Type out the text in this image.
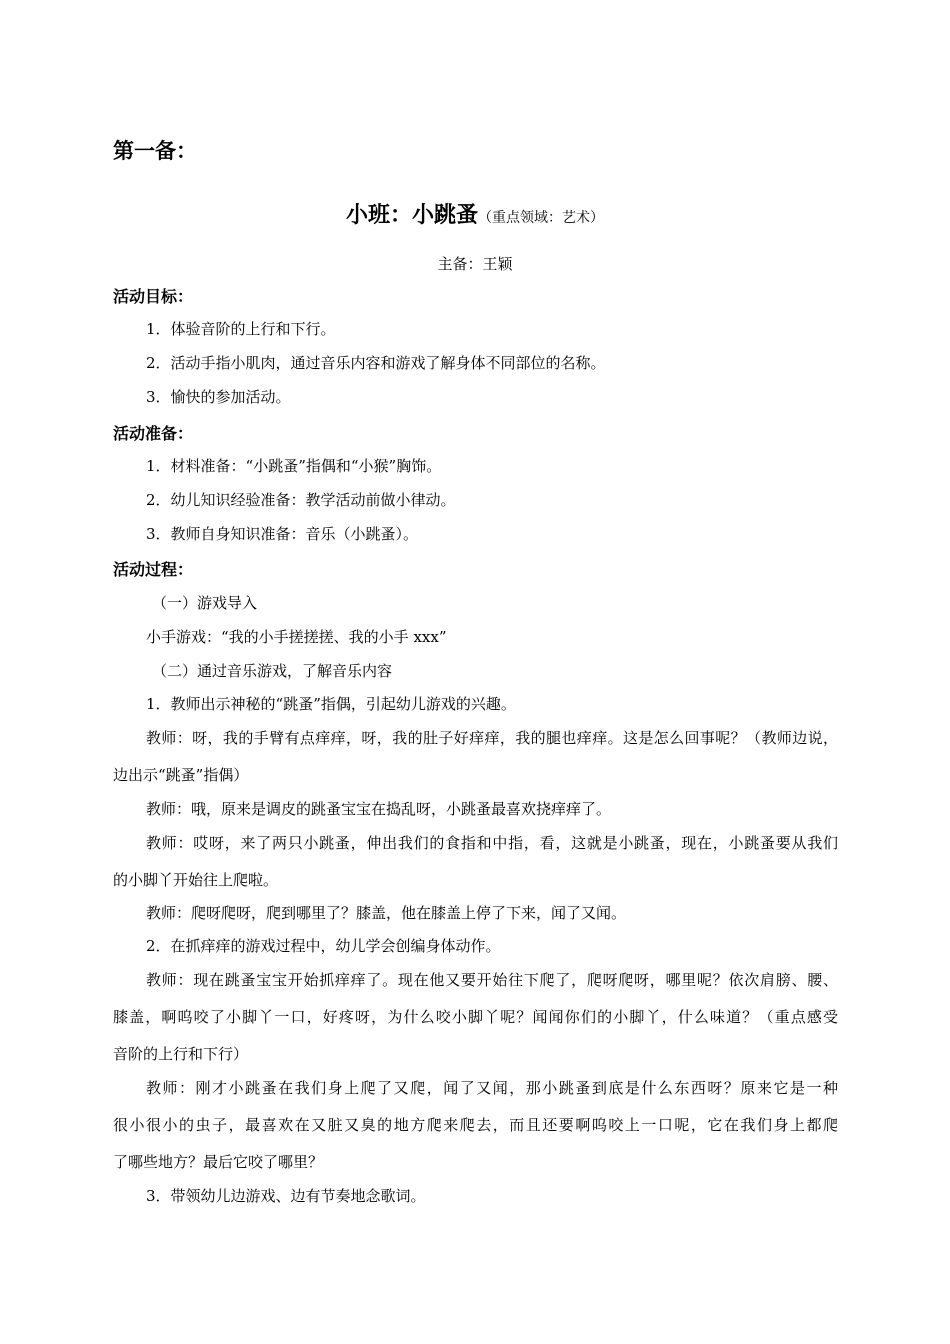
第一备：
小班：小跳蚤（重点领域：艺术）
主备：王颖
活动目标：
1．体验音阶的上行和下行。
2．活动手指小肌肉，通过音乐内容和游戏了解身体不同部位的名称。
3．愉快的参加活动。
活动准备：
1．材料准备：“小跳蚤”指偶和“小猴”胸饰。
2．幼儿知识经验准备：教学活动前做小律动。
3．教师自身知识准备：音乐（小跳蚤）。
活动过程：
（一）游戏导入
小手游戏：“我的小手搓搓搓、我的小手 xxx”
（二）通过音乐游戏，了解音乐内容
1．教师出示神秘的“跳蚤”指偶，引起幼儿游戏的兴趣。
教师：呀，我的手臂有点痒痒，呀，我的肚子好痒痒，我的腿也痒痒。这是怎么回事呢？（教师边说，
边出示“跳蚤”指偶）
教师：哦，原来是调皮的跳蚤宝宝在捣乱呀，小跳蚤最喜欢挠痒痒了。
教师：哎呀，来了两只小跳蚤，伸出我们的食指和中指，看，这就是小跳蚤，现在，小跳蚤要从我们
的小脚丫开始往上爬啦。
教师：爬呀爬呀，爬到哪里了？膝盖，他在膝盖上停了下来，闻了又闻。
2．在抓痒痒的游戏过程中，幼儿学会创编身体动作。
教师：现在跳蚤宝宝开始抓痒痒了。现在他又要开始往下爬了，爬呀爬呀，哪里呢？依次肩膀、腰、
膝盖，啊呜咬了小脚丫一口，好疼呀，为什么咬小脚丫呢？闻闻你们的小脚丫，什么味道？（重点感受
音阶的上行和下行）
教师：刚才小跳蚤在我们身上爬了又爬，闻了又闻，那小跳蚤到底是什么东西呀？原来它是一种
很小很小的虫子，最喜欢在又脏又臭的地方爬来爬去，而且还要啊呜咬上一口呢，它在我们身上都爬
了哪些地方？最后它咬了哪里？
3．带领幼儿边游戏、边有节奏地念歌词。
